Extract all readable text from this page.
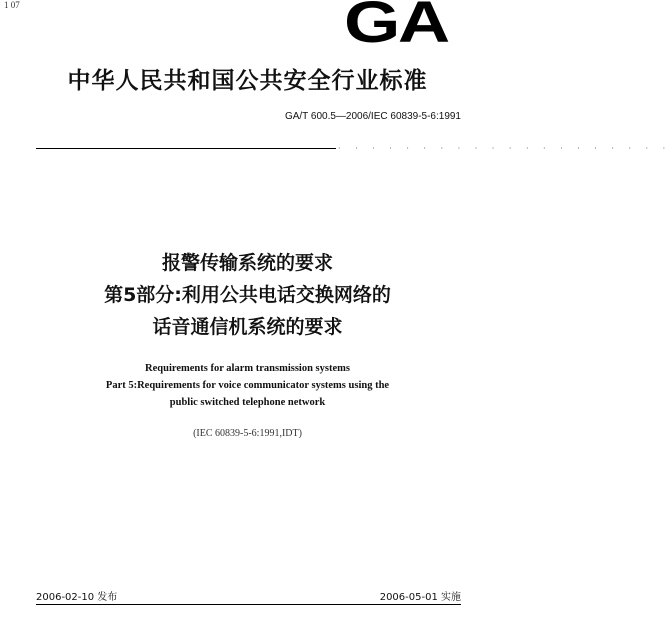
1 07	GA
中华人民共和国公共安全行业标准
GA/T 600.5—2006/IEC 60839-5-6:1991
· · · · · · · · · · · · · · · · · · · ·
报警传输系统的要求
第5部分:利用公共电话交换网络的
话音通信机系统的要求
Requirements for alarm transmission systems
Part 5:Requirements for voice communicator systems using the
public switched telephone network
(IEC 60839-5-6:1991,IDT)
2006-02-10 发布	2006-05-01 实施
